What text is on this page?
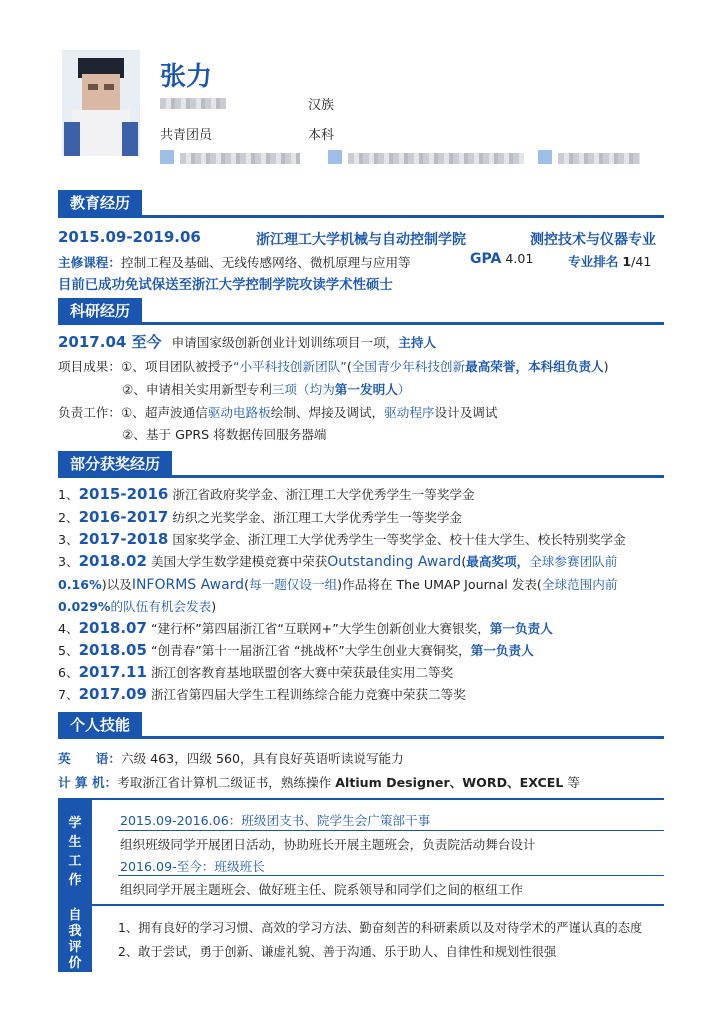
张力
汉族
共青团员	本科
教育经历
2015.09-2019.06	浙江理工大学机械与自动控制学院	测控技术与仪器专业
主修课程：控制工程及基础、无线传感网络、微机原理与应用等	GPA 4.01	专业排名 1/41
目前已成功免试保送至浙江大学控制学院攻读学术性硕士
科研经历
2017.04 至今 申请国家级创新创业计划训练项目一项，主持人
项目成果：①、项目团队被授予“小平科技创新团队”(全国青少年科技创新最高荣誉，本科组负责人)
②、申请相关实用新型专利三项（均为第一发明人）
负责工作：①、超声波通信驱动电路板绘制、焊接及调试，驱动程序设计及调试
②、基于 GPRS 将数据传回服务器端
部分获奖经历
1、2015-2016 浙江省政府奖学金、浙江理工大学优秀学生一等奖学金
2、2016-2017 纺织之光奖学金、浙江理工大学优秀学生一等奖学金
3、2017-2018 国家奖学金、浙江理工大学优秀学生一等奖学金、校十佳大学生、校长特别奖学金
3、2018.02 美国大学生数学建模竞赛中荣获Outstanding Award(最高奖项，全球参赛团队前
0.16%)以及INFORMS Award(每一题仅设一组)作品将在 The UMAP Journal 发表(全球范围内前
0.029%的队伍有机会发表)
4、2018.07 “建行杯”第四届浙江省“互联网+”大学生创新创业大赛银奖，第一负责人
5、2018.05 “创青春”第十一届浙江省 “挑战杯”大学生创业大赛铜奖，第一负责人
6、2017.11 浙江创客教育基地联盟创客大赛中荣获最佳实用二等奖
7、2017.09 浙江省第四届大学生工程训练综合能力竞赛中荣获二等奖
个人技能
英　　语：六级 463，四级 560，具有良好英语听读说写能力
计 算 机：考取浙江省计算机二级证书，熟练操作 Altium Designer、WORD、EXCEL 等
学
生
工
作
2015.09-2016.06：班级团支书、院学生会广策部干事
组织班级同学开展团日活动，协助班长开展主题班会，负责院活动舞台设计
2016.09-至今：班级班长
组织同学开展主题班会、做好班主任、院系领导和同学们之间的枢纽工作
自
我
评
价
1、拥有良好的学习习惯、高效的学习方法、勤奋刻苦的科研素质以及对待学术的严谨认真的态度
2、敢于尝试，勇于创新、谦虚礼貌、善于沟通、乐于助人、自律性和规划性很强
